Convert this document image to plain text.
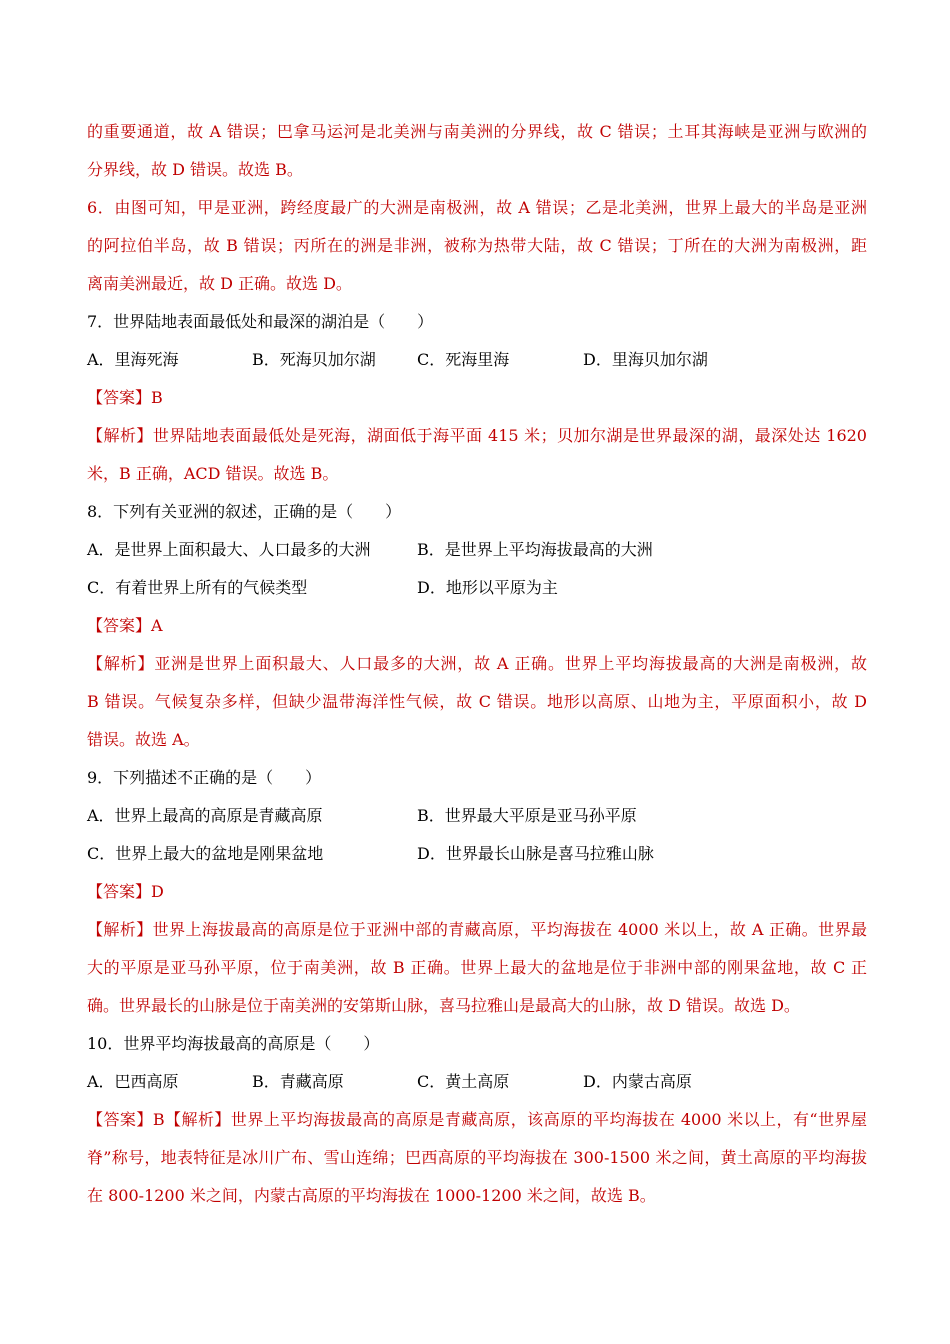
的重要通道，故 A 错误；巴拿马运河是北美洲与南美洲的分界线，故 C 错误；土耳其海峡是亚洲与欧洲的
分界线，故 D 错误。故选 B。
6．由图可知，甲是亚洲，跨经度最广的大洲是南极洲，故 A 错误；乙是北美洲，世界上最大的半岛是亚洲
的阿拉伯半岛，故 B 错误；丙所在的洲是非洲，被称为热带大陆，故 C 错误；丁所在的大洲为南极洲，距
离南美洲最近，故 D 正确。故选 D。
7．世界陆地表面最低处和最深的湖泊是（　　）
A．里海死海	B．死海贝加尔湖	C．死海里海	D．里海贝加尔湖
【答案】B
【解析】世界陆地表面最低处是死海，湖面低于海平面 415 米；贝加尔湖是世界最深的湖，最深处达 1620
米，B 正确，ACD 错误。故选 B。
8．下列有关亚洲的叙述，正确的是（　　）
A．是世界上面积最大、人口最多的大洲	B．是世界上平均海拔最高的大洲
C．有着世界上所有的气候类型	D．地形以平原为主
【答案】A
【解析】亚洲是世界上面积最大、人口最多的大洲，故 A 正确。世界上平均海拔最高的大洲是南极洲，故
B 错误。气候复杂多样，但缺少温带海洋性气候，故 C 错误。地形以高原、山地为主，平原面积小，故 D
错误。故选 A。
9．下列描述不正确的是（　　）
A．世界上最高的高原是青藏高原	B．世界最大平原是亚马孙平原
C．世界上最大的盆地是刚果盆地	D．世界最长山脉是喜马拉雅山脉
【答案】D
【解析】世界上海拔最高的高原是位于亚洲中部的青藏高原，平均海拔在 4000 米以上，故 A 正确。世界最
大的平原是亚马孙平原，位于南美洲，故 B 正确。世界上最大的盆地是位于非洲中部的刚果盆地，故 C 正
确。世界最长的山脉是位于南美洲的安第斯山脉，喜马拉雅山是最高大的山脉，故 D 错误。故选 D。
10．世界平均海拔最高的高原是（　　）
A．巴西高原	B．青藏高原	C．黄土高原	D．内蒙古高原
【答案】B【解析】世界上平均海拔最高的高原是青藏高原，该高原的平均海拔在 4000 米以上，有“世界屋
脊”称号，地表特征是冰川广布、雪山连绵；巴西高原的平均海拔在 300-1500 米之间，黄土高原的平均海拔
在 800-1200 米之间，内蒙古高原的平均海拔在 1000-1200 米之间，故选 B。
